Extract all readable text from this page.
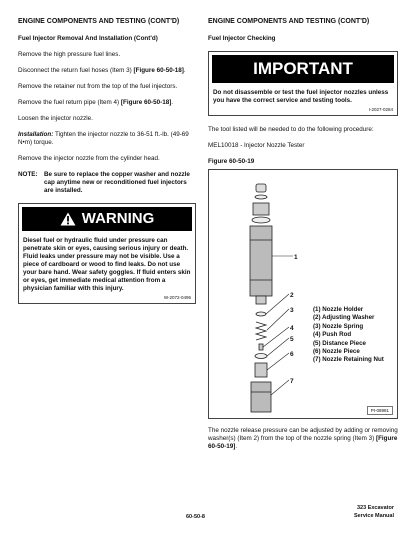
ENGINE COMPONENTS AND TESTING (CONT'D)
Fuel Injector Removal And Installation (Cont'd)

Remove the high pressure fuel lines.

Disconnect the return fuel hoses (Item 3) [Figure 60-50-18].

Remove the retainer nut from the top of the fuel injectors.

Remove the fuel return pipe (Item 4) [Figure 60-50-18].

Loosen the injector nozzle.

Installation: Tighten the injector nozzle to 36-51 ft.-lb. (49-69 N•m) torque.

Remove the injector nozzle from the cylinder head.

NOTE:	Be sure to replace the copper washer and nozzle cap anytime new or reconditioned fuel injectors are installed.
WARNING
Diesel fuel or hydraulic fluid under pressure can penetrate skin or eyes, causing serious injury or death. Fluid leaks under pressure may not be visible. Use a piece of cardboard or wood to find leaks. Do not use your bare hand. Wear safety goggles. If fluid enters skin or eyes, get immediate medical attention from a physician familiar with this injury.
W-2072-0496
ENGINE COMPONENTS AND TESTING (CONT'D)
Fuel Injector Checking
IMPORTANT
Do not disassemble or test the fuel injector nozzles unless you have the correct service and testing tools.
I-2027-0284

The tool listed will be needed to do the following procedure:

MEL10018 - Injector Nozzle Tester

Figure 60-50-19
1
2
3
4
5
6
7
(1) Nozzle Holder
(2) Adjusting Washer
(3) Nozzle Spring
(4) Push Rod
(5) Distance Piece
(6) Nozzle Piece
(7) Nozzle Retaining Nut
PI-08981

The nozzle release pressure can be adjusted by adding or removing washer(s) (Item 2) from the top of the nozzle spring (Item 3) [Figure 60-50-19].

60-50-8
323 Excavator
Service Manual
